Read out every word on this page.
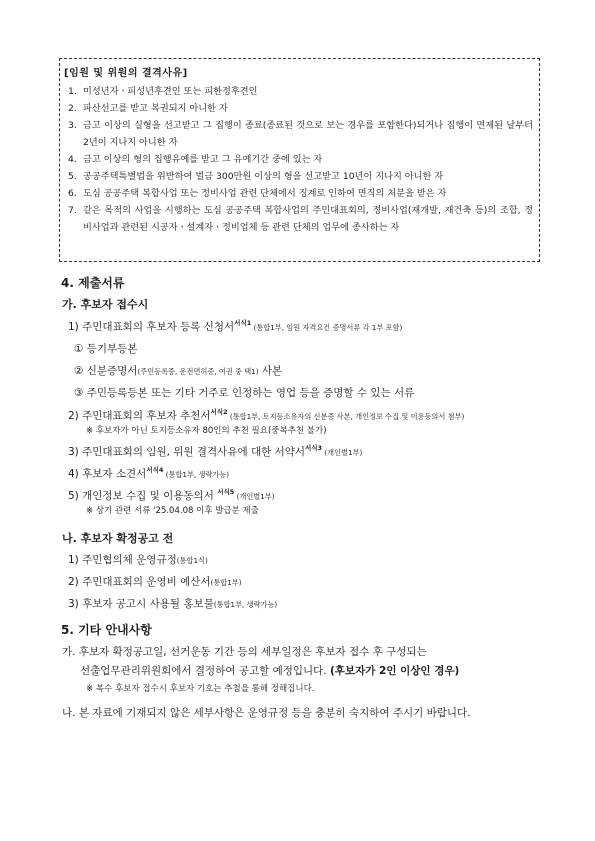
[임원 및 위원의 결격사유]
1. 미성년자ㆍ피성년후견인 또는 피한정후견인
2. 파산선고를 받고 복권되지 아니한 자
3. 금고 이상의 실형을 선고받고 그 집행이 종료(종료된 것으로 보는 경우를 포함한다)되거나 집행이 면제된 날부터 2년이 지나지 아니한 자
4. 금고 이상의 형의 집행유예를 받고 그 유예기간 중에 있는 자
5. 공공주택특별법을 위반하여 벌금 300만원 이상의 형을 선고받고 10년이 지나지 아니한 자
6. 도심 공공주택 복합사업 또는 정비사업 관련 단체에서 징계로 인하여 면직의 처분을 받은 자
7. 같은 목적의 사업을 시행하는 도심 공공주택 복합사업의 주민대표회의, 정비사업(재개발, 재건축 등)의 조합, 정비사업과 관련된 시공자ㆍ설계자ㆍ정비업체 등 관련 단체의 업무에 종사하는 자
4. 제출서류
가. 후보자 접수시
1) 주민대표회의 후보자 등록 신청서$^{서식1}$ (통합1부, 임원 자격요건 증명서류 각 1부 포함)
① 등기부등본
② 신분증명서(주민등록증, 운전면허증, 여권 중 택1) 사본
③ 주민등록등본 또는 기타 거주로 인정하는 영업 등을 증명할 수 있는 서류
2) 주민대표회의 후보자 추천서$^{서식2}$ (통합1부, 토지등소유자의 신분증 사본, 개인정보 수집 및 이용동의서 첨부)
※ 후보자가 아닌 토지등소유자 80인의 추천 필요(중복추천 불가)
3) 주민대표회의 임원, 위원 결격사유에 대한 서약서$^{서식3}$ (개인별1부)
4) 후보자 소견서$^{서식4}$ (통합1부, 생략가능)
5) 개인정보 수집 및 이용동의서 $^{서식5}$ (개인별1부)
※ 상기 관련 서류 '25.04.08 이후 발급분 제출
나. 후보자 확정공고 전
1) 주민협의체 운영규정(통합1식)
2) 주민대표회의 운영비 예산서(통합1부)
3) 후보자 공고시 사용될 홍보물(통합1부, 생략가능)
5. 기타 안내사항
가. 후보자 확정공고일, 선거운동 기간 등의 세부일정은 후보자 접수 후 구성되는
선출업무관리위원회에서 결정하여 공고할 예정입니다. (후보자가 2인 이상인 경우)
※ 복수 후보자 접수시 후보자 기호는 추첨을 통해 정해집니다.
나. 본 자료에 기재되지 않은 세부사항은 운영규정 등을 충분히 숙지하여 주시기 바랍니다.
